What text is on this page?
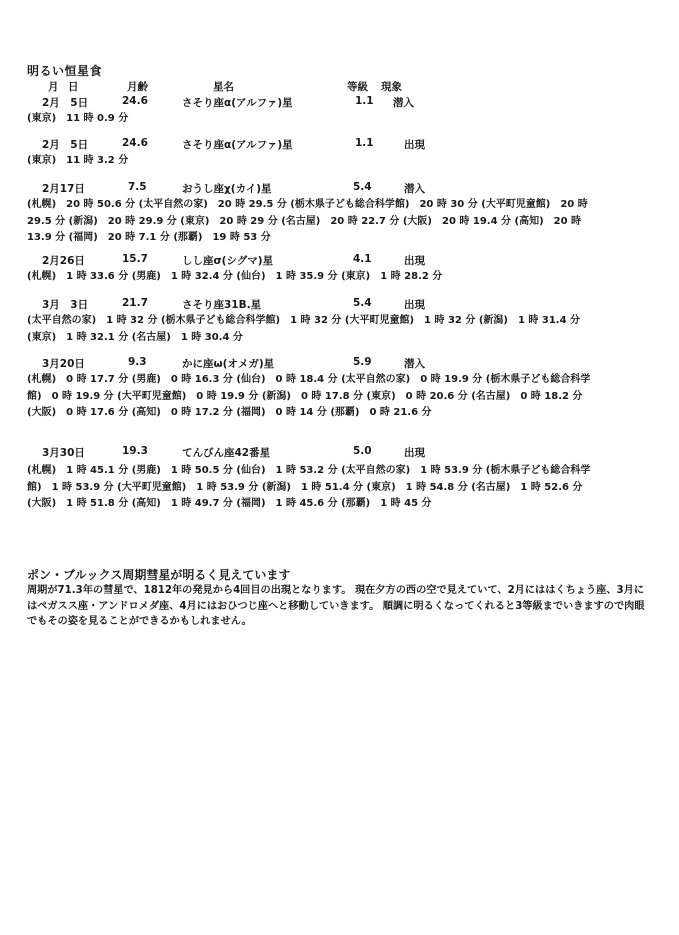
明るい恒星食
月 日	月齢	星名	等級 現象
2月　5日	24.6	さそり座α(アルファ)星	1.1 潜入
(東京)　11 時 0.9 分
2月　5日	24.6	さそり座α(アルファ)星	1.1	出現
(東京)　11 時 3.2 分
2月17日	7.5	おうし座χ(カイ)星	5.4	潜入
(札幌)　20 時 50.6 分 (太平自然の家)　20 時 29.5 分 (栃木県子ども総合科学館)　20 時 30 分 (大平町児童館)　20 時 29.5 分 (新潟)　20 時 29.9 分 (東京)　20 時 29 分 (名古屋)　20 時 22.7 分 (大阪)　20 時 19.4 分 (高知)　20 時 13.9 分 (福岡)　20 時 7.1 分 (那覇)　19 時 53 分
2月26日	15.7	しし座σ(シグマ)星	4.1	出現
(札幌)　1 時 33.6 分 (男鹿)　1 時 32.4 分 (仙台)　1 時 35.9 分 (東京)　1 時 28.2 分
3月　3日	21.7	さそり座31B.星	5.4	出現
(太平自然の家)　1 時 32 分 (栃木県子ども総合科学館)　1 時 32 分 (大平町児童館)　1 時 32 分 (新潟)　1 時 31.4 分 (東京)　1 時 32.1 分 (名古屋)　1 時 30.4 分
3月20日	9.3	かに座ω(オメガ)星	5.9	潜入
(札幌)　0 時 17.7 分 (男鹿)　0 時 16.3 分 (仙台)　0 時 18.4 分 (太平自然の家)　0 時 19.9 分 (栃木県子ども総合科学館)　0 時 19.9 分 (大平町児童館)　0 時 19.9 分 (新潟)　0 時 17.8 分 (東京)　0 時 20.6 分 (名古屋)　0 時 18.2 分 (大阪)　0 時 17.6 分 (高知)　0 時 17.2 分 (福岡)　0 時 14 分 (那覇)　0 時 21.6 分
3月30日	19.3	てんびん座42番星	5.0	出現
(札幌)　1 時 45.1 分 (男鹿)　1 時 50.5 分 (仙台)　1 時 53.2 分 (太平自然の家)　1 時 53.9 分 (栃木県子ども総合科学館)　1 時 53.9 分 (大平町児童館)　1 時 53.9 分 (新潟)　1 時 51.4 分 (東京)　1 時 54.8 分 (名古屋)　1 時 52.6 分 (大阪)　1 時 51.8 分 (高知)　1 時 49.7 分 (福岡)　1 時 45.6 分 (那覇)　1 時 45 分
ポン・ブルックス周期彗星が明るく見えています
周期が71.3年の彗星で、1812年の発見から4回目の出現となります。 現在夕方の西の空で見えていて、2月にははくちょう座、3月にはペガスス座・アンドロメダ座、4月にはおひつじ座へと移動していきます。 順調に明るくなってくれると3等級までいきますので肉眼でもその姿を見ることができるかもしれません。
